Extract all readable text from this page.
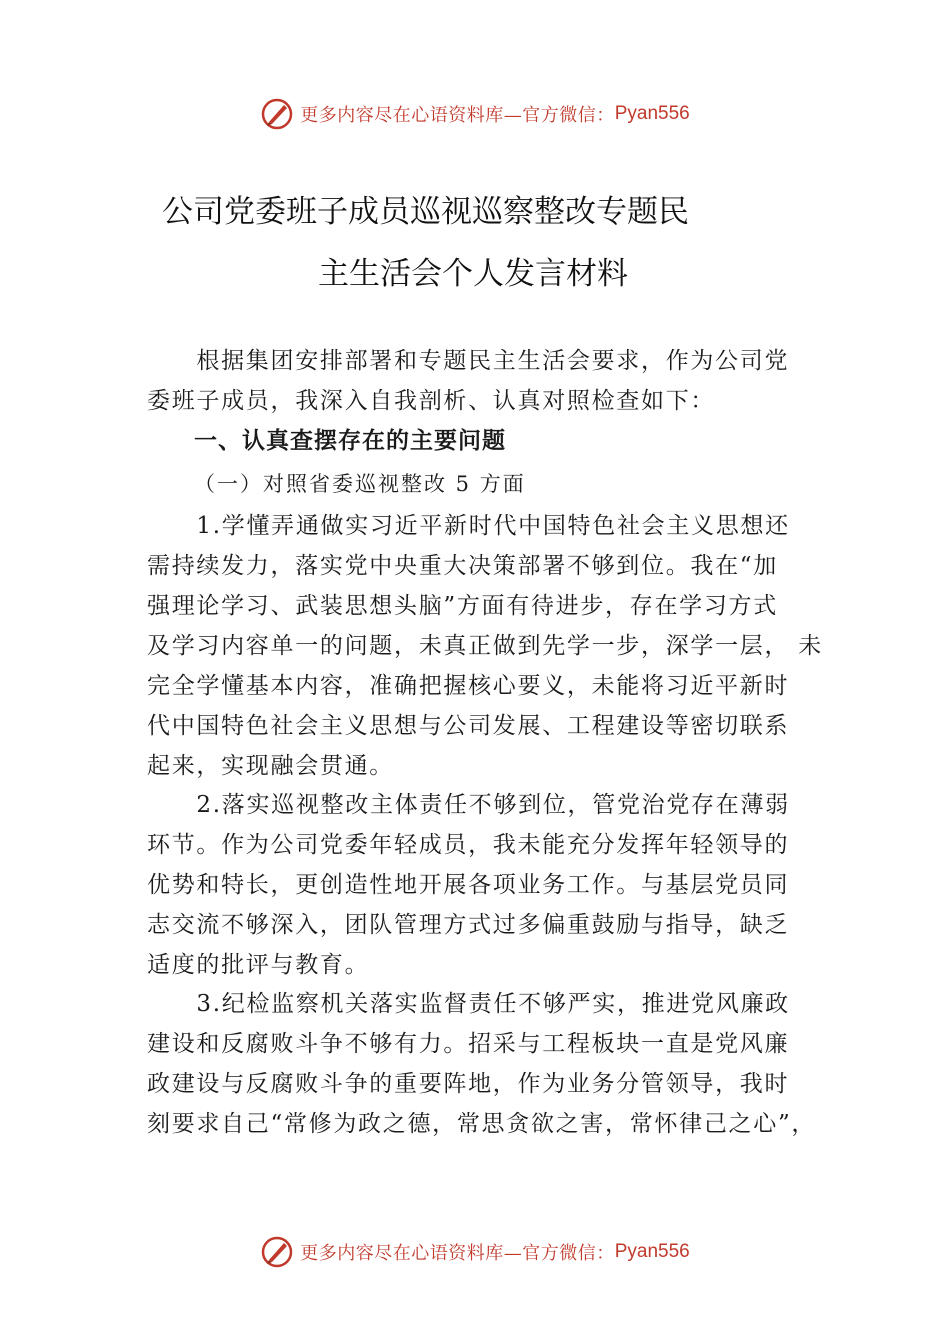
更多内容尽在心语资料库—官方微信： Pyan556
公司党委班子成员巡视巡察整改专题民
主生活会个人发言材料
　　根据集团安排部署和专题民主生活会要求，作为公司党
委班子成员，我深入自我剖析、认真对照检查如下：
一、认真查摆存在的主要问题
（一）对照省委巡视整改 5 方面
　　1.学懂弄通做实习近平新时代中国特色社会主义思想还
需持续发力，落实党中央重大决策部署不够到位。我在“加
强理论学习、武装思想头脑”方面有待进步，存在学习方式
及学习内容单一的问题，未真正做到先学一步，深学一层， 未
完全学懂基本内容，准确把握核心要义，未能将习近平新时
代中国特色社会主义思想与公司发展、工程建设等密切联系
起来，实现融会贯通。
　　2.落实巡视整改主体责任不够到位，管党治党存在薄弱
环节。作为公司党委年轻成员，我未能充分发挥年轻领导的
优势和特长，更创造性地开展各项业务工作。与基层党员同
志交流不够深入，团队管理方式过多偏重鼓励与指导，缺乏
适度的批评与教育。
　　3.纪检监察机关落实监督责任不够严实，推进党风廉政
建设和反腐败斗争不够有力。招采与工程板块一直是党风廉
政建设与反腐败斗争的重要阵地，作为业务分管领导，我时
刻要求自己“常修为政之德，常思贪欲之害，常怀律己之心”，
更多内容尽在心语资料库—官方微信： Pyan556
